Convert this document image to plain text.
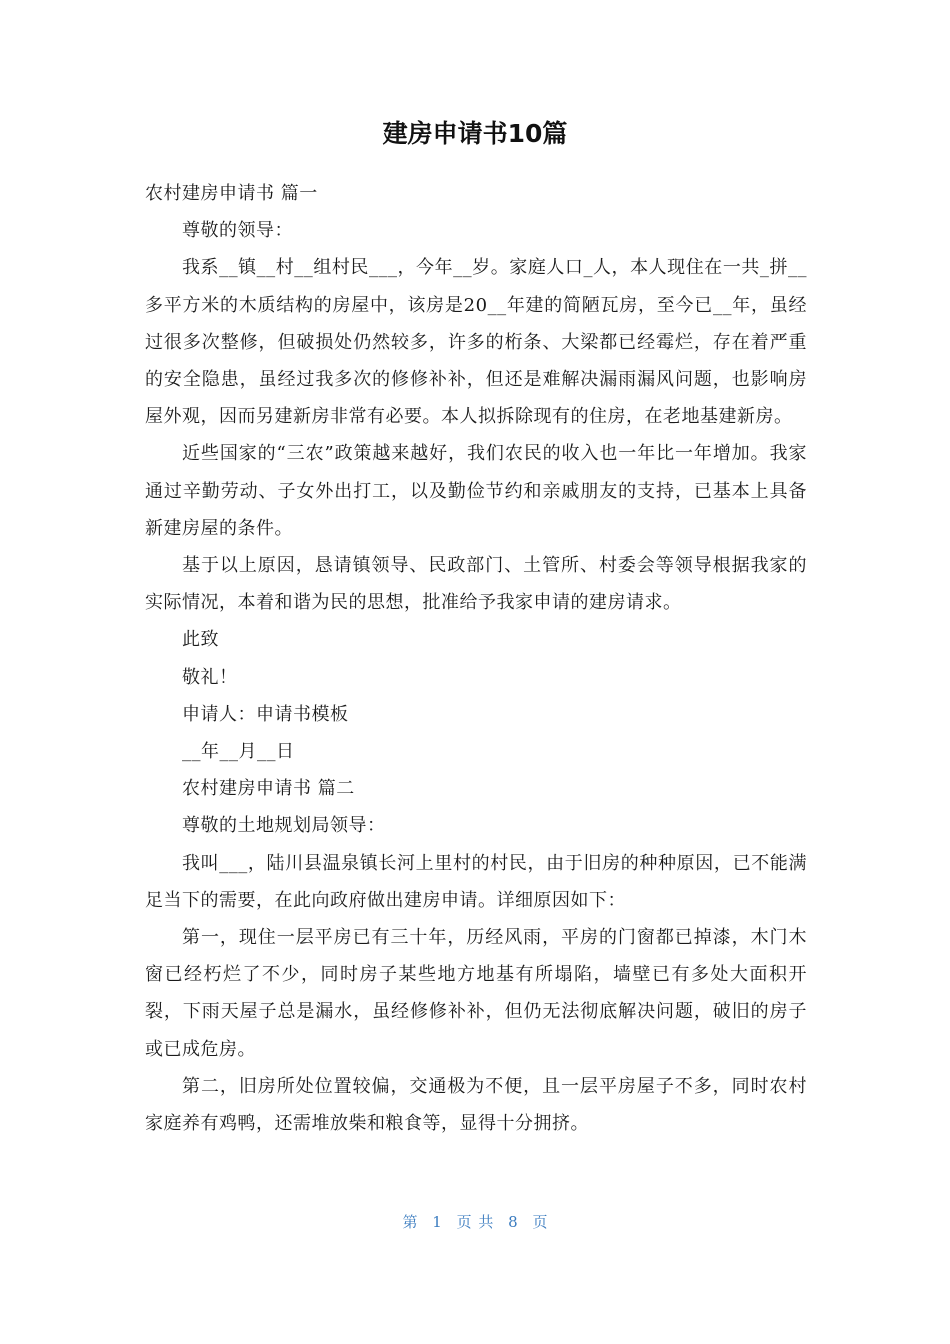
建房申请书10篇

农村建房申请书 篇一

尊敬的领导：

我系__镇__村__组村民___，今年__岁。家庭人口_人，本人现住在一共_拼__多平方米的木质结构的房屋中，该房是20__年建的简陋瓦房，至今已__年，虽经过很多次整修，但破损处仍然较多，许多的桁条、大梁都已经霉烂，存在着严重的安全隐患，虽经过我多次的修修补补，但还是难解决漏雨漏风问题，也影响房屋外观，因而另建新房非常有必要。本人拟拆除现有的住房，在老地基建新房。

近些国家的“三农”政策越来越好，我们农民的收入也一年比一年增加。我家通过辛勤劳动、子女外出打工，以及勤俭节约和亲戚朋友的支持，已基本上具备新建房屋的条件。

基于以上原因，恳请镇领导、民政部门、土管所、村委会等领导根据我家的实际情况，本着和谐为民的思想，批准给予我家申请的建房请求。

此致

敬礼！

申请人：申请书模板

__年__月__日

农村建房申请书 篇二

尊敬的土地规划局领导：

我叫___，陆川县温泉镇长河上里村的村民，由于旧房的种种原因，已不能满足当下的需要，在此向政府做出建房申请。详细原因如下：

第一，现住一层平房已有三十年，历经风雨，平房的门窗都已掉漆，木门木窗已经朽烂了不少，同时房子某些地方地基有所塌陷，墙壁已有多处大面积开裂，下雨天屋子总是漏水，虽经修修补补，但仍无法彻底解决问题，破旧的房子或已成危房。

第二，旧房所处位置较偏，交通极为不便，且一层平房屋子不多，同时农村家庭养有鸡鸭，还需堆放柴和粮食等，显得十分拥挤。

第 1 页 共 8 页
